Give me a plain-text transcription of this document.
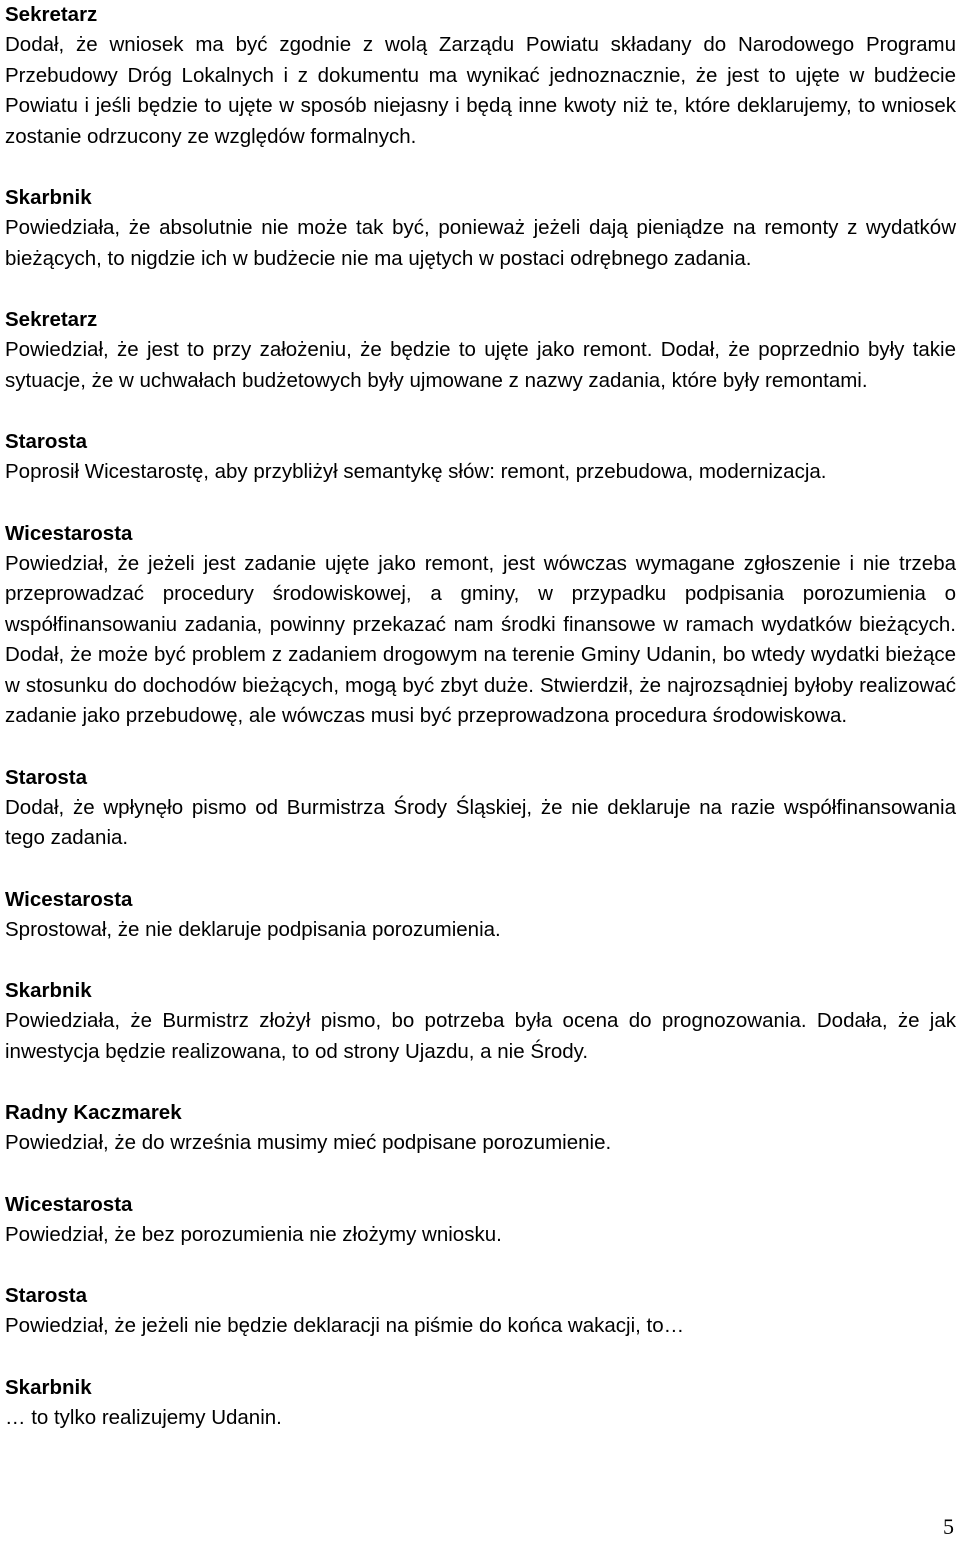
Sekretarz

Dodał, że wniosek ma być zgodnie z wolą Zarządu Powiatu składany do Narodowego Programu Przebudowy Dróg Lokalnych i z dokumentu ma wynikać jednoznacznie, że jest to ujęte w budżecie Powiatu i jeśli będzie to ujęte w sposób niejasny i będą inne kwoty niż te, które deklarujemy, to wniosek zostanie odrzucony ze względów formalnych.

Skarbnik

Powiedziała, że absolutnie nie może tak być, ponieważ jeżeli dają pieniądze na remonty z wydatków bieżących, to nigdzie ich w budżecie nie ma ujętych w postaci odrębnego zadania.

Sekretarz

Powiedział, że jest to przy założeniu, że będzie to ujęte jako remont. Dodał, że poprzednio były takie sytuacje, że w uchwałach budżetowych były ujmowane z nazwy zadania, które były remontami.

Starosta

Poprosił Wicestarostę, aby przybliżył semantykę słów: remont, przebudowa, modernizacja.

Wicestarosta

Powiedział, że jeżeli jest zadanie ujęte jako remont, jest wówczas wymagane zgłoszenie i nie trzeba przeprowadzać procedury środowiskowej, a gminy, w przypadku podpisania porozumienia o współfinansowaniu zadania, powinny przekazać nam środki finansowe w ramach wydatków bieżących. Dodał, że może być problem z zadaniem drogowym na terenie Gminy Udanin, bo wtedy wydatki bieżące w stosunku do dochodów bieżących, mogą być zbyt duże. Stwierdził, że najrozsądniej byłoby realizować zadanie jako przebudowę, ale wówczas musi być przeprowadzona procedura środowiskowa.

Starosta

Dodał, że wpłynęło pismo od Burmistrza Środy Śląskiej, że nie deklaruje na razie współfinansowania tego zadania.

Wicestarosta

Sprostował, że nie deklaruje podpisania porozumienia.

Skarbnik

Powiedziała, że Burmistrz złożył pismo, bo potrzeba była ocena do prognozowania. Dodała, że jak inwestycja będzie realizowana, to od strony Ujazdu, a nie Środy.

Radny Kaczmarek

Powiedział, że do września musimy mieć podpisane porozumienie.

Wicestarosta

Powiedział, że bez porozumienia nie złożymy wniosku.

Starosta

Powiedział, że jeżeli nie będzie deklaracji na piśmie do końca wakacji, to…

Skarbnik

… to tylko realizujemy Udanin.

5
